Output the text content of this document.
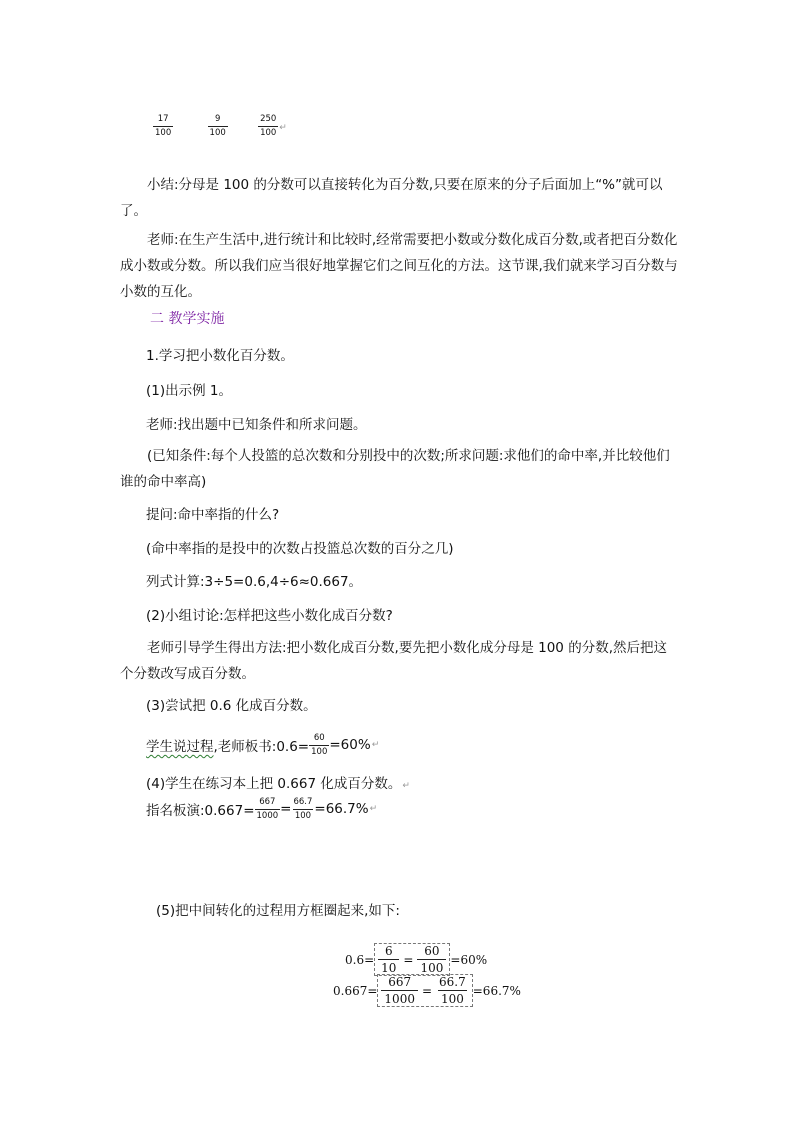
$\frac{17}{100}$
	$\frac{9}{100}$
	$\frac{250}{100}$ ↵
小结:分母是 100 的分数可以直接转化为百分数,只要在原来的分子后面加上“%”就可以了。
老师:在生产生活中,进行统计和比较时,经常需要把小数或分数化成百分数,或者把百分数化成小数或分数。所以我们应当很好地掌握它们之间互化的方法。这节课,我们就来学习百分数与小数的互化。
二 教学实施
1.学习把小数化百分数。
(1)出示例 1。
老师:找出题中已知条件和所求问题。
(已知条件:每个人投篮的总次数和分别投中的次数;所求问题:求他们的命中率,并比较他们谁的命中率高)
提问:命中率指的什么?
(命中率指的是投中的次数占投篮总次数的百分之几)
列式计算:3÷5=0.6,4÷6≈0.667。
(2)小组讨论:怎样把这些小数化成百分数?
老师引导学生得出方法:把小数化成百分数,要先把小数化成分母是 100 的分数,然后把这个分数改写成百分数。
(3)尝试把 0.6 化成百分数。
学生说过程 ,老师板书:0.6= $\frac{60}{100} =60\%$ ↵
(4)学生在练习本上把 0.667 化成百分数。↵
指名板演:0.667= $\frac{667}{1000} = \frac{66.7}{100} =66.7\%$ ↵
(5)把中间转化的过程用方框圈起来,如下:
$0.6= \frac{6}{10} = \frac{60}{100} =60\%$
$0.667= \frac{667}{1000} = \frac{66.7}{100} =66.7\%$
